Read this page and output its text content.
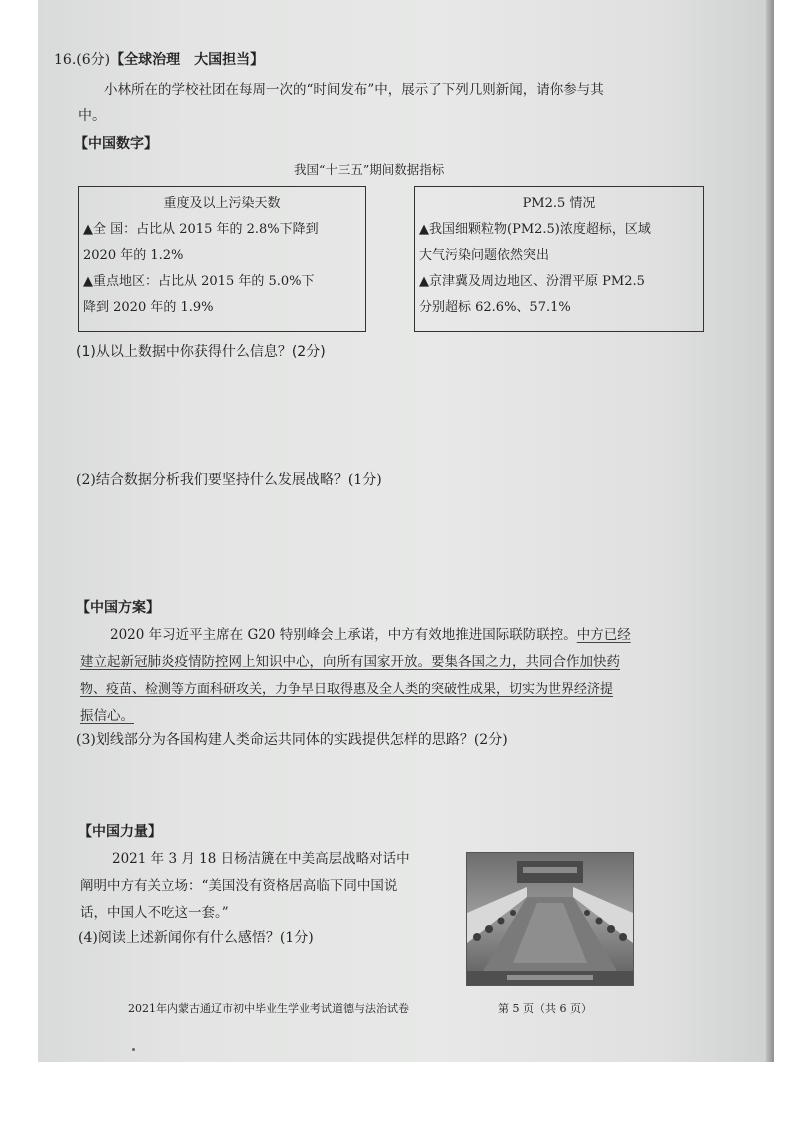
16.(6分)【全球治理　大国担当】
小林所在的学校社团在每周一次的“时间发布”中，展示了下列几则新闻，请你参与其
中。
【中国数字】
我国“十三五”期间数据指标
重度及以上污染天数
▲全 国：占比从 2015 年的 2.8%下降到
2020 年的 1.2%
▲重点地区：占比从 2015 年的 5.0%下
降到 2020 年的 1.9%
PM2.5 情况
▲我国细颗粒物(PM2.5)浓度超标，区域
大气污染问题依然突出
▲京津冀及周边地区、汾渭平原 PM2.5
分别超标 62.6%、57.1%
(1)从以上数据中你获得什么信息？(2分)
(2)结合数据分析我们要坚持什么发展战略？(1分)
【中国方案】
2020 年习近平主席在 G20 特别峰会上承诺，中方有效地推进国际联防联控。中方已经
建立起新冠肺炎疫情防控网上知识中心，向所有国家开放。要集各国之力，共同合作加快药
物、疫苗、检测等方面科研攻关，力争早日取得惠及全人类的突破性成果，切实为世界经济提
振信心。
(3)划线部分为各国构建人类命运共同体的实践提供怎样的思路？(2分)
【中国力量】
2021 年 3 月 18 日杨洁篪在中美高层战略对话中
阐明中方有关立场：“美国没有资格居高临下同中国说
话，中国人不吃这一套。”
(4)阅读上述新闻你有什么感悟？(1分)
2021年内蒙古通辽市初中毕业生学业考试道德与法治试卷	第 5 页（共 6 页）
